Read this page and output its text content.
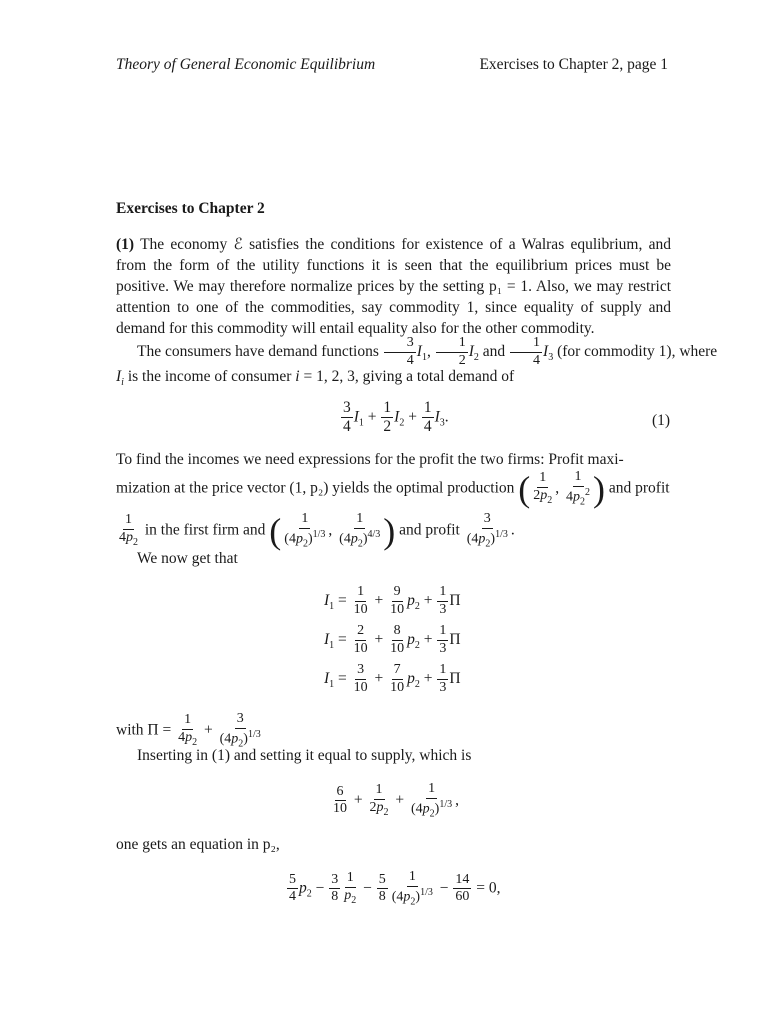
Theory of General Economic Equilibrium	Exercises to Chapter 2, page 1
Exercises to Chapter 2
(1) The economy ℰ satisfies the conditions for existence of a Walras equlibrium, and from the form of the utility functions it is seen that the equilibrium prices must be positive. We may therefore normalize prices by the setting p₁ = 1. Also, we may restrict attention to one of the commodities, say commodity 1, since equality of supply and demand for this commodity will entail equality also for the other commodity.
The consumers have demand functions $\frac{3}{4} I_1$, $\frac{1}{2} I_2$ and $\frac{1}{4} I_3$ (for commodity 1), where
$I_i$ is the income of consumer i = 1, 2, 3, giving a total demand of
$\frac{3}{4} I_1 + \frac{1}{2} I_2 + \frac{1}{4} I_3$.	(1)
To find the incomes we need expressions for the profit the two firms: Profit maxi-
mization at the price vector (1, p₂) yields the optimal production ( $\frac{1}{2p_2}$ , $\frac{1}{4p_2^2}$ ) and profit
$\frac{1}{4p_2}$ in the first firm and ( $\frac{1}{(4p_2)^{1/3}}$ , $\frac{1}{(4p_2)^{4/3}}$ ) and profit $\frac{3}{(4p_2)^{1/3}}$ .
We now get that
$I_1 = \frac{1}{10} + \frac{9}{10} p_2 + \frac{1}{3}$ Π
$I_1 = \frac{2}{10} + \frac{8}{10} p_2 + \frac{1}{3}$ Π
$I_1 = \frac{3}{10} + \frac{7}{10} p_2 + \frac{1}{3}$ Π
with $\Pi = \frac{1}{4p_2} + \frac{3}{(4p_2)^{1/3}}$
Inserting in (1) and setting it equal to supply, which is
$\frac{6}{10} + \frac{1}{2p_2} + \frac{1}{(4p_2)^{1/3}}$ ,
one gets an equation in p₂,
$\frac{5}{4} p_2 - \frac{3}{8} \frac{1}{p_2} - \frac{5}{8} \frac{1}{(4p_2)^{1/3}} - \frac{14}{60} = 0$,
